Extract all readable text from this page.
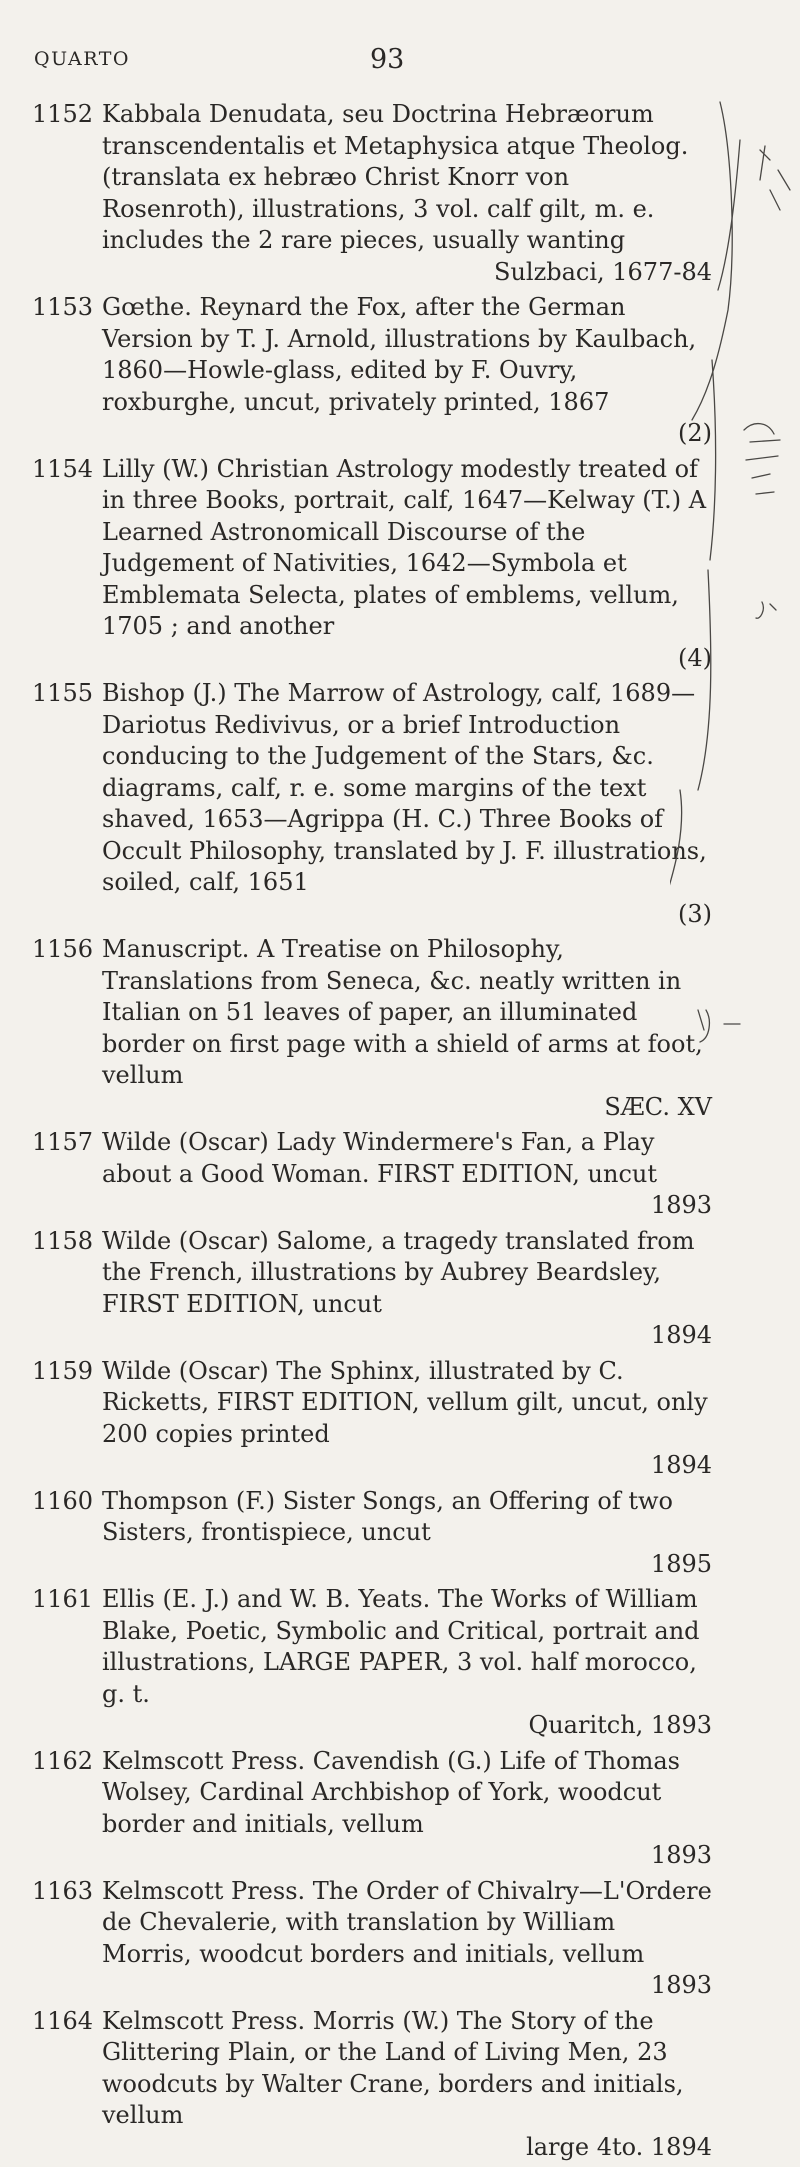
QUARTO	93
1152 Kabbala Denudata, seu Doctrina Hebræorum transcendentalis et Metaphysica atque Theolog. (translata ex hebræo Christ Knorr von Rosenroth), illustrations, 3 vol. calf gilt, m. e. includes the 2 rare pieces, usually wanting
Sulzbaci, 1677-84
1153 Gœthe. Reynard the Fox, after the German Version by T. J. Arnold, illustrations by Kaulbach, 1860—Howle-glass, edited by F. Ouvry, roxburghe, uncut, privately printed, 1867
(2)
1154 Lilly (W.) Christian Astrology modestly treated of in three Books, portrait, calf, 1647—Kelway (T.) A Learned Astronomicall Discourse of the Judgement of Nativities, 1642—Symbola et Emblemata Selecta, plates of emblems, vellum, 1705 ; and another
(4)
1155 Bishop (J.) The Marrow of Astrology, calf, 1689—Dariotus Redivivus, or a brief Introduction conducing to the Judgement of the Stars, &c. diagrams, calf, r. e. some margins of the text shaved, 1653—Agrippa (H. C.) Three Books of Occult Philosophy, translated by J. F. illustrations, soiled, calf, 1651
(3)
1156 Manuscript. A Treatise on Philosophy, Translations from Seneca, &c. neatly written in Italian on 51 leaves of paper, an illuminated border on first page with a shield of arms at foot, vellum
SÆC. XV
1157 Wilde (Oscar) Lady Windermere's Fan, a Play about a Good Woman. FIRST EDITION, uncut
1893
1158 Wilde (Oscar) Salome, a tragedy translated from the French, illustrations by Aubrey Beardsley, FIRST EDITION, uncut
1894
1159 Wilde (Oscar) The Sphinx, illustrated by C. Ricketts, FIRST EDITION, vellum gilt, uncut, only 200 copies printed
1894
1160 Thompson (F.) Sister Songs, an Offering of two Sisters, frontispiece, uncut
1895
1161 Ellis (E. J.) and W. B. Yeats. The Works of William Blake, Poetic, Symbolic and Critical, portrait and illustrations, LARGE PAPER, 3 vol. half morocco, g. t.
Quaritch, 1893
1162 Kelmscott Press. Cavendish (G.) Life of Thomas Wolsey, Cardinal Archbishop of York, woodcut border and initials, vellum
1893
1163 Kelmscott Press. The Order of Chivalry—L'Ordere de Chevalerie, with translation by William Morris, woodcut borders and initials, vellum
1893
1164 Kelmscott Press. Morris (W.) The Story of the Glittering Plain, or the Land of Living Men, 23 woodcuts by Walter Crane, borders and initials, vellum
large 4to. 1894
